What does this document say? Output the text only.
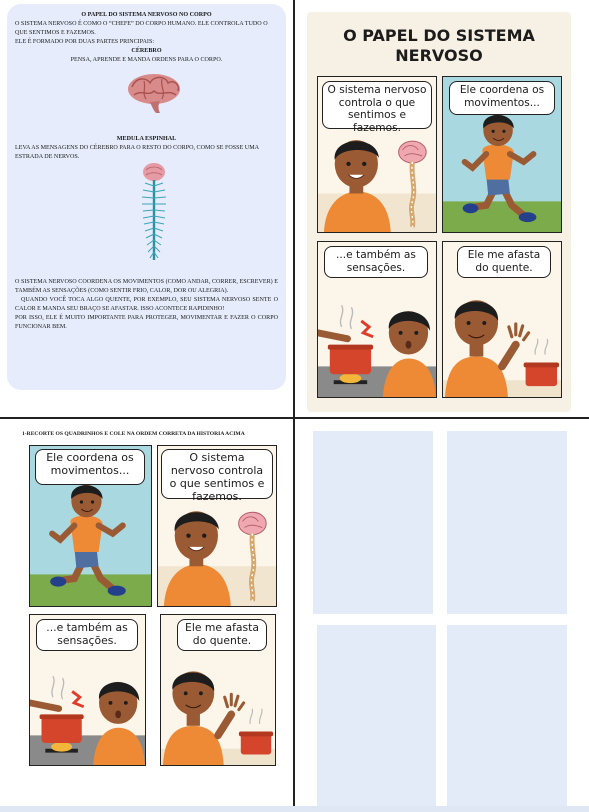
O PAPEL DO SISTEMA NERVOSO NO CORPO

O SISTEMA NERVOSO É COMO O “CHEFE” DO CORPO HUMANO. ELE CONTROLA TUDO O QUE SENTIMOS E FAZEMOS.

ELE É FORMADO POR DUAS PARTES PRINCIPAIS:

CÉREBRO

PENSA, APRENDE E MANDA ORDENS PARA O CORPO.

MEDULA ESPINHAL

LEVA AS MENSAGENS DO CÉREBRO PARA O RESTO DO CORPO, COMO SE FOSSE UMA ESTRADA DE NERVOS.

O SISTEMA NERVOSO COORDENA OS MOVIMENTOS (COMO ANDAR, CORRER, ESCREVER) E TAMBÉM AS SENSAÇÕES (COMO SENTIR FRIO, CALOR, DOR OU ALEGRIA).

QUANDO VOCÊ TOCA ALGO QUENTE, POR EXEMPLO, SEU SISTEMA NERVOSO SENTE O CALOR E MANDA SEU BRAÇO SE AFASTAR. ISSO ACONTECE RAPIDINHO!

POR ISSO, ELE É MUITO IMPORTANTE PARA PROTEGER, MOVIMENTAR E FAZER O CORPO FUNCIONAR BEM.

O PAPEL DO SISTEMA
NERVOSO
O sistema nervoso controla o que sentimos e fazemos.
Ele coordena os movimentos...
...e também as sensações.
Ele me afasta do quente.
1-RECORTE OS QUADRINHOS E COLE NA ORDEM CORRETA DA HISTORIA ACIMA
Ele coordena os movimentos...
O sistema nervoso controla o que sentimos e fazemos.
...e também as sensações.
Ele me afasta do quente.
